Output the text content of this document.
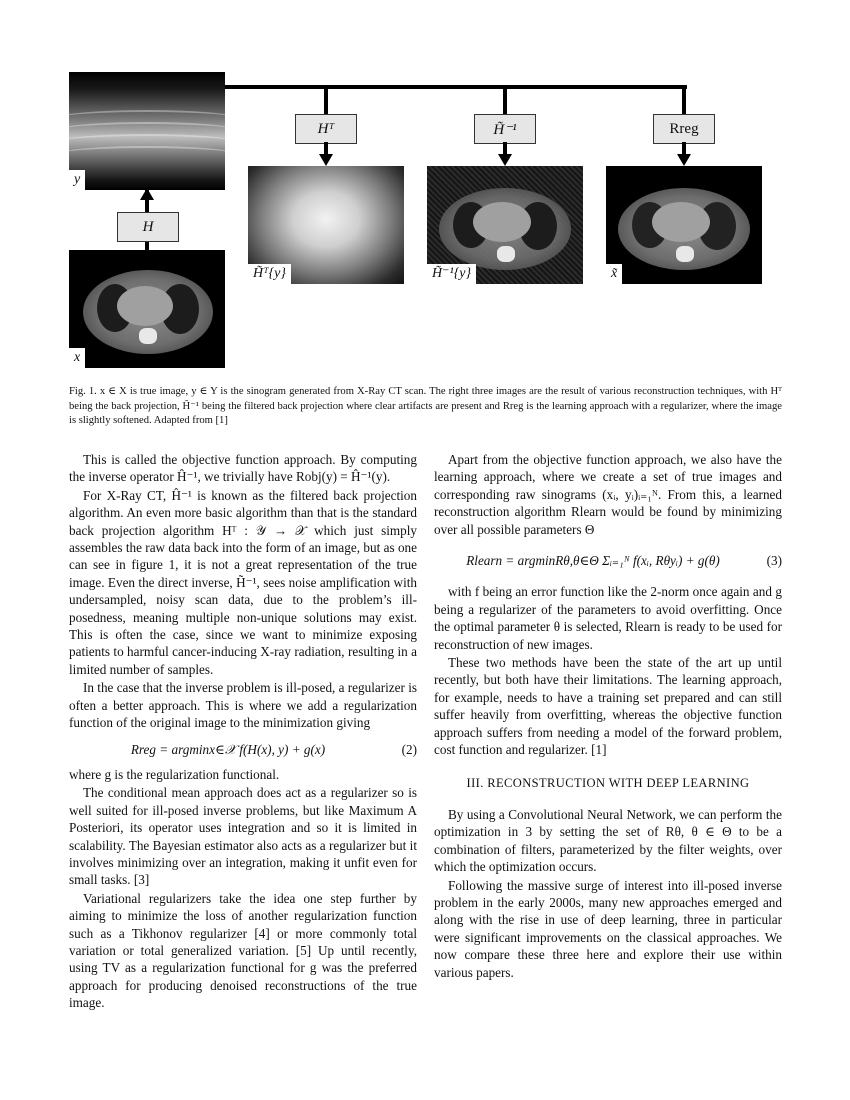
Hᵀ	H̃⁻¹	Rreg
y
H
x
H̃ᵀ{y}	H̃⁻¹{y}	x̃
Fig. 1. x ∈ X is true image, y ∈ Y is the sinogram generated from X-Ray CT scan. The right three images are the result of various reconstruction techniques, with Hᵀ being the back projection, H̃⁻¹ being the filtered back projection where clear artifacts are present and Rreg is the learning approach with a regularizer, where the image is slightly softened. Adapted from [1]

This is called the objective function approach. By computing the inverse operator Ĥ⁻¹, we trivially have Robj(y) = Ĥ⁻¹(y).

For X-Ray CT, Ĥ⁻¹ is known as the filtered back projection algorithm. An even more basic algorithm than that is the standard back projection algorithm Hᵀ : 𝒴 → 𝒳 which just simply assembles the raw data back into the form of an image, but as one can see in figure 1, it is not a great representation of the true image. Even the direct inverse, H̃⁻¹, sees noise amplification with undersampled, noisy scan data, due to the problem’s ill-posedness, meaning multiple non-unique solutions may exist. This is often the case, since we want to minimize exposing patients to harmful cancer-inducing X-ray radiation, resulting in a limited number of samples.

In the case that the inverse problem is ill-posed, a regularizer is often a better approach. This is where we add a regularization function of the original image to the minimization giving

Rreg = argminx∈𝒳 f(H(x), y) + g(x)	(2)

where g is the regularization functional.

The conditional mean approach does act as a regularizer so is well suited for ill-posed inverse problems, but like Maximum A Posteriori, its operator uses integration and so it is limited in scalability. The Bayesian estimator also acts as a regularizer but it involves minimizing over an integration, making it unfit even for small tasks. [3]

Variational regularizers take the idea one step further by aiming to minimize the loss of another regularization function such as a Tikhonov regularizer [4] or more commonly total variation or total generalized variation. [5] Up until recently, using TV as a regularization functional for g was the preferred approach for producing denoised reconstructions of the true image.

Apart from the objective function approach, we also have the learning approach, where we create a set of true images and corresponding raw sinograms (xᵢ, yᵢ)ᵢ₌₁ᴺ. From this, a learned reconstruction algorithm Rlearn would be found by minimizing over all possible parameters Θ

Rlearn = argminRθ,θ∈Θ Σᵢ₌₁ᴺ f(xᵢ, Rθyᵢ) + g(θ)	(3)

with f being an error function like the 2-norm once again and g being a regularizer of the parameters to avoid overfitting. Once the optimal parameter θ is selected, Rlearn is ready to be used for reconstruction of new images.

These two methods have been the state of the art up until recently, but both have their limitations. The learning approach, for example, needs to have a training set prepared and can still suffer heavily from overfitting, whereas the objective function approach suffers from needing a model of the forward problem, cost function and regularizer. [1]

III. RECONSTRUCTION WITH DEEP LEARNING

By using a Convolutional Neural Network, we can perform the optimization in 3 by setting the set of Rθ, θ ∈ Θ to be a combination of filters, parameterized by the filter weights, over which the optimization occurs.

Following the massive surge of interest into ill-posed inverse problem in the early 2000s, many new approaches emerged and along with the rise in use of deep learning, three in particular were significant improvements on the classical approaches. We now compare these three here and explore their use within various papers.
